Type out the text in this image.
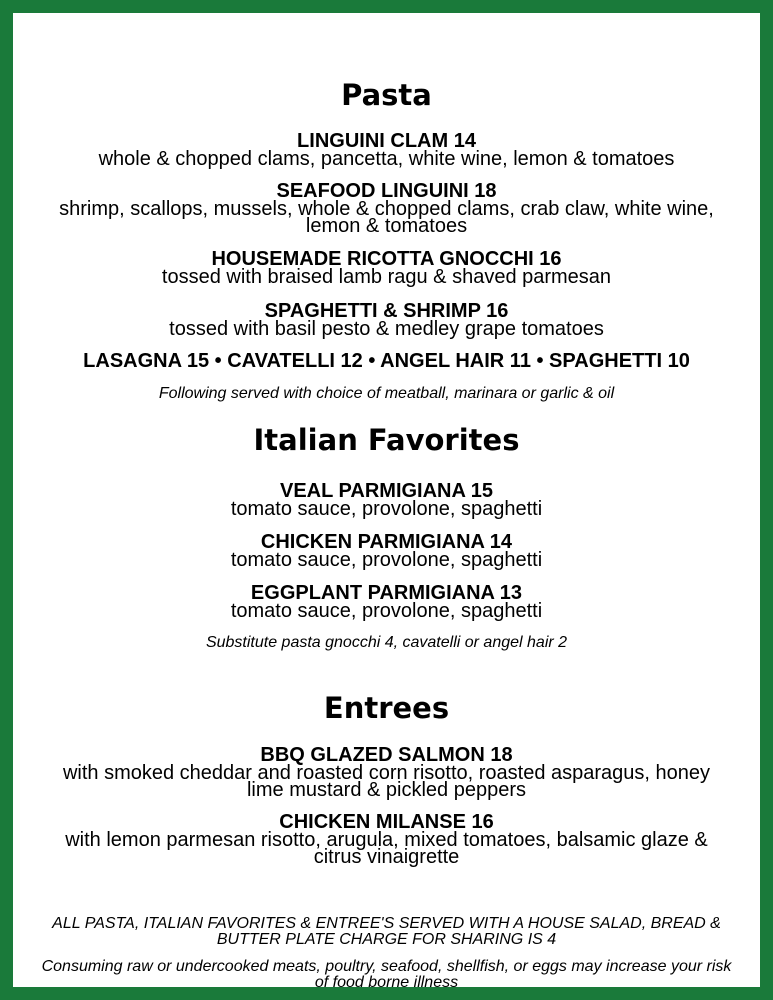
Pasta
LINGUINI CLAM 14
whole & chopped clams, pancetta, white wine, lemon & tomatoes
SEAFOOD LINGUINI 18
shrimp, scallops, mussels, whole & chopped clams, crab claw, white wine, lemon & tomatoes
HOUSEMADE RICOTTA GNOCCHI 16
tossed with braised lamb ragu & shaved parmesan
SPAGHETTI & SHRIMP 16
tossed with basil pesto & medley grape tomatoes
LASAGNA 15 • CAVATELLI 12 • ANGEL HAIR 11 • SPAGHETTI 10
Following served with choice of meatball, marinara or garlic & oil
Italian Favorites
VEAL PARMIGIANA 15
tomato sauce, provolone, spaghetti
CHICKEN PARMIGIANA 14
tomato sauce, provolone, spaghetti
EGGPLANT PARMIGIANA 13
tomato sauce, provolone, spaghetti
Substitute pasta gnocchi 4, cavatelli or angel hair 2
Entrees
BBQ GLAZED SALMON 18
with smoked cheddar and roasted corn risotto, roasted asparagus, honey lime mustard & pickled peppers
CHICKEN MILANSE 16
with lemon parmesan risotto, arugula, mixed tomatoes, balsamic glaze & citrus vinaigrette
ALL PASTA, ITALIAN FAVORITES & ENTREE'S SERVED WITH A HOUSE SALAD, BREAD & BUTTER PLATE CHARGE FOR SHARING IS 4
Consuming raw or undercooked meats, poultry, seafood, shellfish, or eggs may increase your risk of food borne illness
